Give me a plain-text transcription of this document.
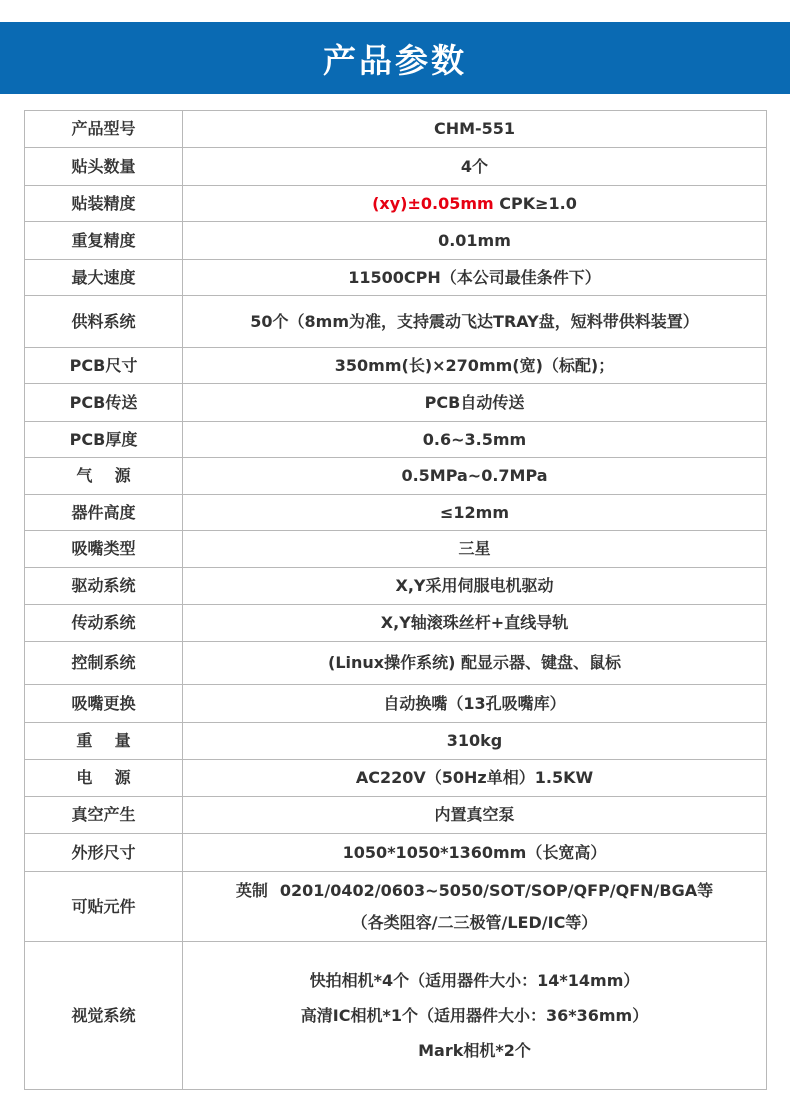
产品参数
产品型号	CHM-551
贴头数量	4个
贴装精度	(xy)±0.05mm CPK≥1.0
重复精度	0.01mm
最大速度	11500CPH（本公司最佳条件下）
供料系统	50个（8mm为准，支持震动飞达TRAY盘，短料带供料装置）
PCB尺寸	350mm(长)×270mm(宽)（标配)；
PCB传送	PCB自动传送
PCB厚度	0.6~3.5mm
气    源	0.5MPa~0.7MPa
器件高度	≤12mm
吸嘴类型	三星
驱动系统	X,Y采用伺服电机驱动
传动系统	X,Y轴滚珠丝杆+直线导轨
控制系统	(Linux操作系统) 配显示器、键盘、鼠标
吸嘴更换	自动换嘴（13孔吸嘴库）
重    量	310kg
电    源	AC220V（50Hz单相）1.5KW
真空产生	内置真空泵
外形尺寸	1050*1050*1360mm（长宽高）
可贴元件	英制 0201/0402/0603~5050/SOT/SOP/QFP/QFN/BGA等
（各类阻容/二三极管/LED/IC等）

视觉系统	快拍相机*4个（适用器件大小：14*14mm）
高清IC相机*1个（适用器件大小：36*36mm）
Mark相机*2个
